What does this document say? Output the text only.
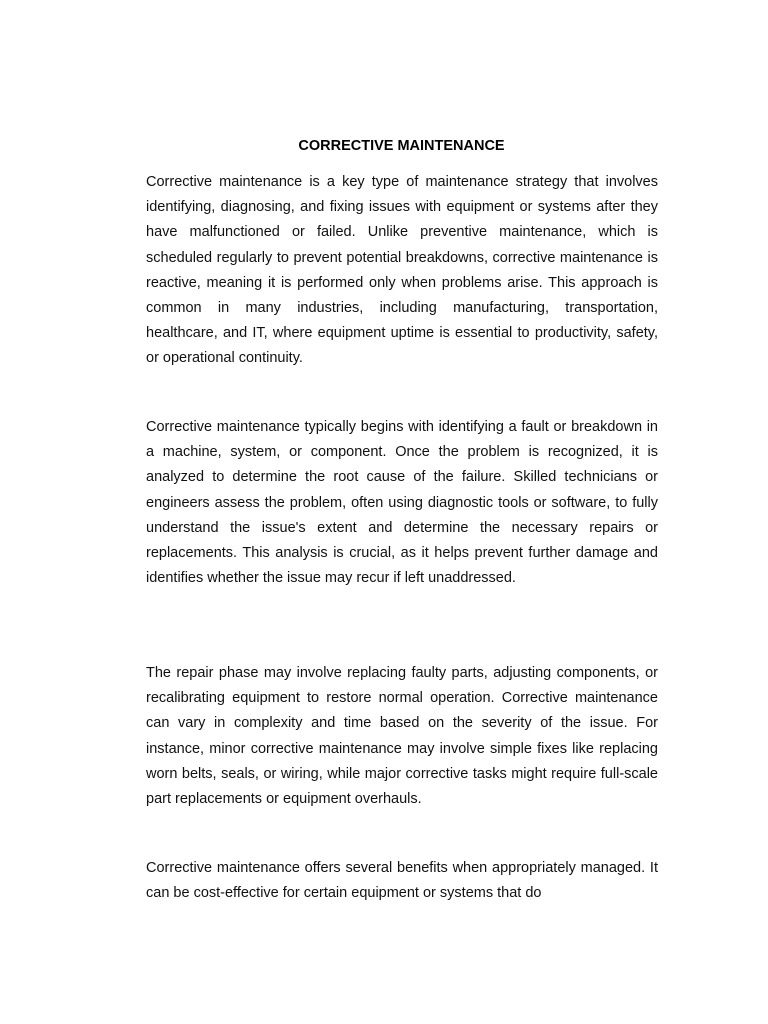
CORRECTIVE MAINTENANCE

Corrective maintenance is a key type of maintenance strategy that involves identifying, diagnosing, and fixing issues with equipment or systems after they have malfunctioned or failed. Unlike preventive maintenance, which is scheduled regularly to prevent potential breakdowns, corrective maintenance is reactive, meaning it is performed only when problems arise. This approach is common in many industries, including manufacturing, transportation, healthcare, and IT, where equipment uptime is essential to productivity, safety, or operational continuity.

Corrective maintenance typically begins with identifying a fault or breakdown in a machine, system, or component. Once the problem is recognized, it is analyzed to determine the root cause of the failure. Skilled technicians or engineers assess the problem, often using diagnostic tools or software, to fully understand the issue's extent and determine the necessary repairs or replacements. This analysis is crucial, as it helps prevent further damage and identifies whether the issue may recur if left unaddressed.

The repair phase may involve replacing faulty parts, adjusting components, or recalibrating equipment to restore normal operation. Corrective maintenance can vary in complexity and time based on the severity of the issue. For instance, minor corrective maintenance may involve simple fixes like replacing worn belts, seals, or wiring, while major corrective tasks might require full-scale part replacements or equipment overhauls.

Corrective maintenance offers several benefits when appropriately managed. It can be cost-effective for certain equipment or systems that do
